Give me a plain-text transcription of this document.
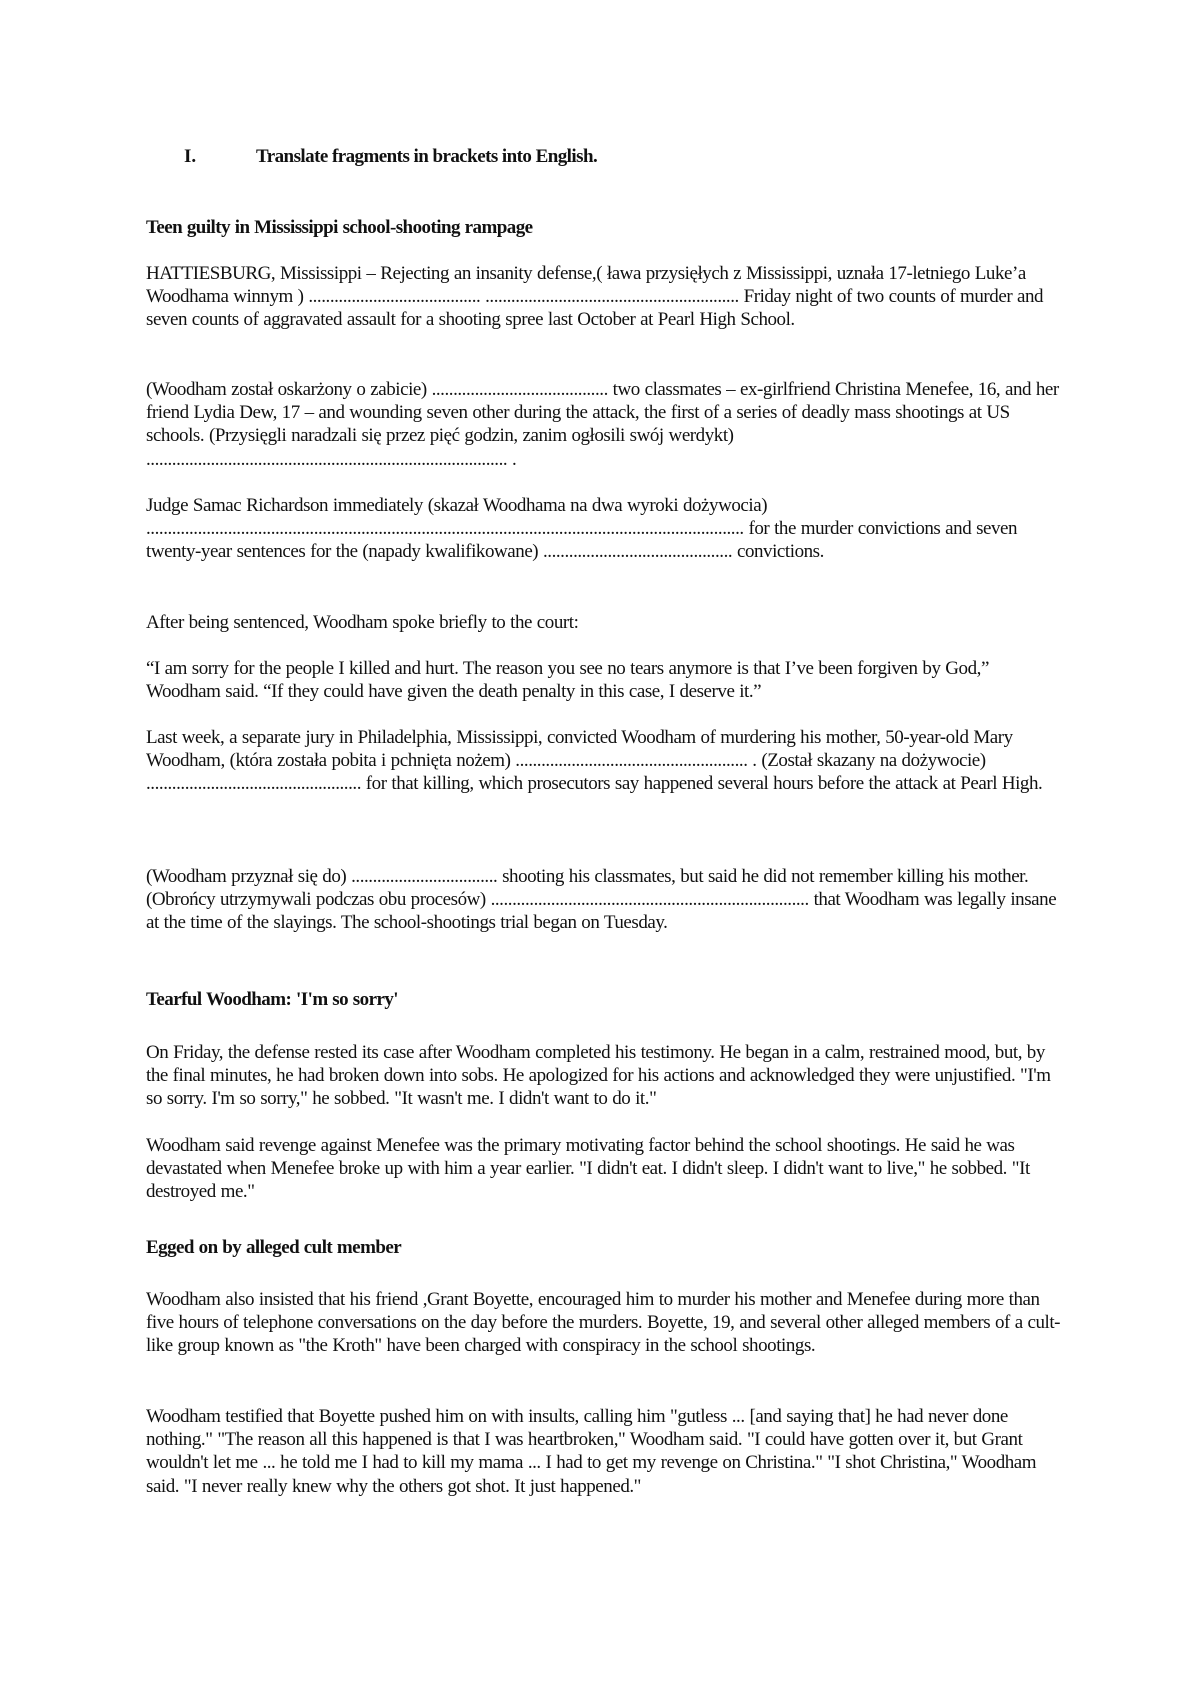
I.	Translate fragments in brackets into English.
Teen guilty in Mississippi school-shooting rampage

HATTIESBURG, Mississippi – Rejecting an insanity defense,( ława przysięłych z Mississippi, uznała 17-letniego Luke’a Woodhama winnym ) ........................................ ........................................................... Friday night of two counts of murder and seven counts of aggravated assault for a shooting spree last October at Pearl High School.

(Woodham został oskarżony o zabicie) ......................................... two classmates – ex-girlfriend Christina Menefee, 16, and her friend Lydia Dew, 17 – and wounding seven other during the attack, the first of a series of deadly mass shootings at US schools. (Przysięgli naradzali się przez pięć godzin, zanim ogłosili swój werdykt) .................................................................................... .

Judge Samac Richardson immediately (skazał Woodhama na dwa wyroki dożywocia) ........................................................................................................................................... for the murder convictions and seven twenty-year sentences for the (napady kwalifikowane) ............................................ convictions.

After being sentenced, Woodham spoke briefly to the court:

“I am sorry for the people I killed and hurt. The reason you see no tears anymore is that I’ve been forgiven by God,” Woodham said. “If they could have given the death penalty in this case, I deserve it.”

Last week, a separate jury in Philadelphia, Mississippi, convicted Woodham of murdering his mother, 50-year-old Mary Woodham, (która została pobita i pchnięta nożem) ...................................................... . (Został skazany na dożywocie) .................................................. for that killing, which prosecutors say happened several hours before the attack at Pearl High.

(Woodham przyznał się do) .................................. shooting his classmates, but said he did not remember killing his mother. (Obrońcy utrzymywali podczas obu procesów) .......................................................................... that Woodham was legally insane at the time of the slayings. The school-shootings trial began on Tuesday.

Tearful Woodham: 'I'm so sorry'

On Friday, the defense rested its case after Woodham completed his testimony. He began in a calm, restrained mood, but, by the final minutes, he had broken down into sobs. He apologized for his actions and acknowledged they were unjustified. "I'm so sorry. I'm so sorry," he sobbed. "It wasn't me. I didn't want to do it."

Woodham said revenge against Menefee was the primary motivating factor behind the school shootings. He said he was devastated when Menefee broke up with him a year earlier. "I didn't eat. I didn't sleep. I didn't want to live," he sobbed. "It destroyed me."

Egged on by alleged cult member

Woodham also insisted that his friend ,Grant Boyette, encouraged him to murder his mother and Menefee during more than five hours of telephone conversations on the day before the murders. Boyette, 19, and several other alleged members of a cult-like group known as "the Kroth" have been charged with conspiracy in the school shootings.

Woodham testified that Boyette pushed him on with insults, calling him "gutless ... [and saying that] he had never done nothing." "The reason all this happened is that I was heartbroken," Woodham said. "I could have gotten over it, but Grant wouldn't let me ... he told me I had to kill my mama ... I had to get my revenge on Christina." "I shot Christina," Woodham said. "I never really knew why the others got shot. It just happened."
